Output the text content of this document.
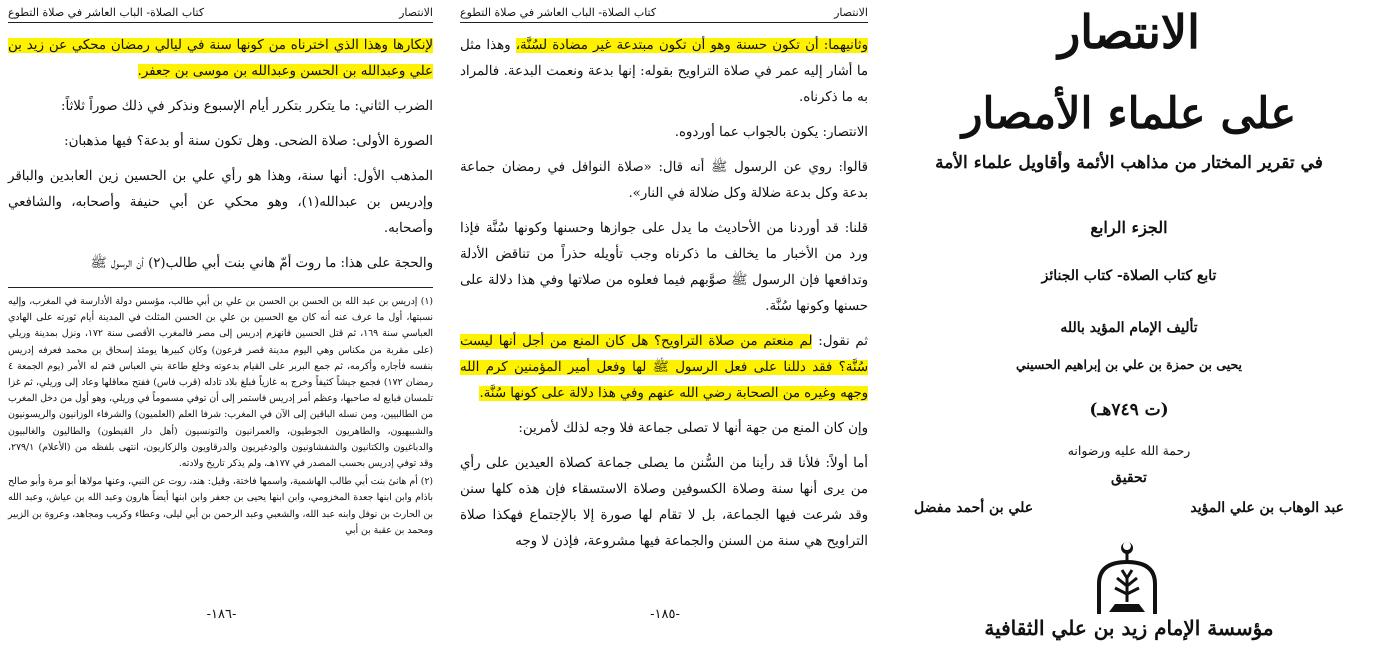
الانتصار
كتاب الصلاة- الباب العاشر في صلاة التطوع

لإنكارها وهذا الذي اخترناه من كونها سنة في ليالي رمضان محكي عن زيد بن علي وعبدالله بن الحسن وعبدالله بن موسى بن جعفر.

الضرب الثاني: ما يتكرر بتكرر أيام الإسبوع ونذكر في ذلك صوراً ثلاثاً:

الصورة الأولى: صلاة الضحى. وهل تكون سنة أو بدعة؟ فيها مذهبان:

المذهب الأول: أنها سنة، وهذا هو رأي علي بن الحسين زين العابدين والباقر وإدريس بن عبدالله(١)، وهو محكي عن أبي حنيفة وأصحابه، والشافعي وأصحابه.

والحجة على هذا: ما روت أمّ هاني بنت أبي طالب(٢) أن الرسول ﷺ

(١) إدريس بن عبد الله بن الحسن بن الحسن بن علي بن أبي طالب، مؤسس دولة الأدارسة في المغرب، وإليه نسبتها، أول ما عرف عنه أنه كان مع الحسين بن علي بن الحسن المثلث في المدينة أيام ثورته على الهادي العباسي سنة ١٦٩، ثم قتل الحسين فانهزم إدريس إلى مصر فالمغرب الأقصى سنة ١٧٢، ونزل بمدينة وريلي (على مقربة من مكناس وهي اليوم مدينة قصر فرعون) وكان كبيرها يومئذ إسحاق بن محمد فعرفه إدريس بنفسه فأجاره وأكرمه، ثم جمع البربر على القيام بدعوته وخلع طاعة بني العباس فتم له الأمر (يوم الجمعة ٤ رمضان ١٧٢) فجمع جيشاً كثيفاً وخرج به غازياً فبلغ بلاد تادله (قرب فاس) ففتح معاقلها وعاد إلى وريلي، ثم غزا تلمسان فبايع له صاحبها، وعظم أمر إدريس فاستمر إلى أن توفي مسموماً في وريلي، وهو أول من دخل المغرب من الطالبيين، ومن نسله الباقين إلى الآن في المغرب: شرفا العلم (العلميون) والشرفاء الوزانيون والريسونيون والشبيهيون، والطاهريون الجوطيون، والعمرانيون والتونسيون (أهل دار القيطون) والطاليون والغالبيون والدباغيون والكتانيون والشفشاونيون والودغيريون والدرقاويون والزكاريون، انتهى بلفظه من (الأعلام) ٢٧٩/١، وقد توفي إدريس بحسب المصدر في ١٧٧هـ، ولم يذكر تاريخ ولادته.

(٢) أم هانئ بنت أبي طالب الهاشمية، واسمها فاختة، وقيل: هند، روت عن النبي، وعنها مولاها أبو مرة وأبو صالح باذام وابن ابنها جعدة المخزومي، وابن ابنها يحيى بن جعفر وابن ابنها أيضاً هارون وعبد الله بن عياش، وعبد الله بن الحارث بن نوفل وابنه عبد الله، والشعبي وعبد الرحمن بن أبي ليلى، وعطاء وكريب ومجاهد، وعروة بن الزبير ومحمد بن عقبة بن أبي

-١٨٦-
الانتصار
كتاب الصلاة- الباب العاشر في صلاة التطوع

وثانيهما: أن تكون حسنة وهو أن تكون مبتدعة غير مضادة لسُنَّة، وهذا مثل ما أشار إليه عمر في صلاة التراويح بقوله: إنها بدعة ونعمت البدعة. فالمراد به ما ذكرناه.

الانتصار: يكون بالجواب عما أوردوه.

قالوا: روي عن الرسول ﷺ أنه قال: «صلاة النوافل في رمضان جماعة بدعة وكل بدعة ضلالة وكل ضلالة في النار».

قلنا: قد أوردنا من الأحاديث ما يدل على جوازها وحسنها وكونها سُنَّة فإذا ورد من الأخبار ما يخالف ما ذكرناه وجب تأويله حذراً من تناقض الأدلة وتدافعها فإن الرسول ﷺ صوَّبهم فيما فعلوه من صلاتها وفي هذا دلالة على حسنها وكونها سُنَّة.

ثم نقول: لم منعتم من صلاة التراويح؟ هل كان المنع من أجل أنها ليست سُنَّة؟ فقد دللنا على فعل الرسول ﷺ لها وفعل أمير المؤمنين كرم الله وجهه وغيره من الصحابة رضي الله عنهم وفي هذا دلالة على كونها سُنَّة.

وإن كان المنع من جهة أنها لا تصلى جماعة فلا وجه لذلك لأمرين:

أما أولاً: فلأنا قد رأينا من السُّنن ما يصلى جماعة كصلاة العيدين على رأي من يرى أنها سنة وصلاة الكسوفين وصلاة الاستسقاء فإن هذه كلها سنن وقد شرعت فيها الجماعة، بل لا تقام لها صورة إلا بالإجتماع فهكذا صلاة التراويح هي سنة من السنن والجماعة فيها مشروعة، فإذن لا وجه

-١٨٥-
الانتصار
على علماء الأمصار
في تقرير المختار من مذاهب الأئمة وأقاويل علماء الأمة
الجزء الرابع
تابع كتاب الصلاة- كتاب الجنائز
تأليف الإمام المؤيد بالله
يحيى بن حمزة بن علي بن إبراهيم الحسيني
(ت ٧٤٩هـ)
رحمة الله عليه ورضوانه
تحقيق
عبد الوهاب بن علي المؤيد
علي بن أحمد مفضل
مؤسسة الإمام زيد بن علي الثقافية
